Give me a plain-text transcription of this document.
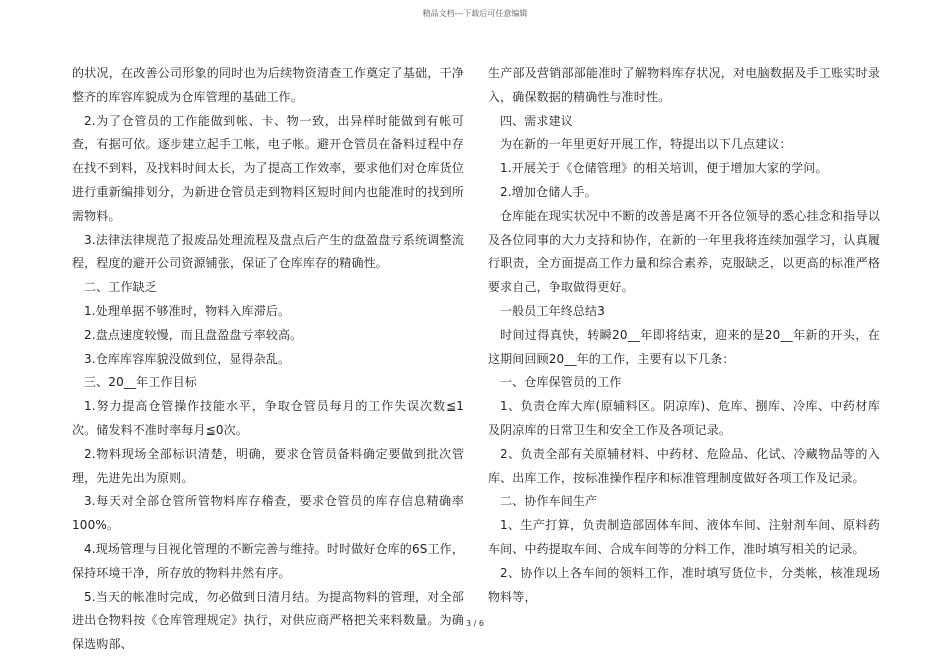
精品文档---下载后可任意编辑

的状况，在改善公司形象的同时也为后续物资清查工作奠定了基础，干净整齐的库容库貌成为仓库管理的基础工作。

2.为了仓管员的工作能做到帐、卡、物一致，出异样时能做到有帐可查，有据可依。逐步建立起手工帐，电子帐。避开仓管员在备料过程中存在找不到料，及找料时间太长，为了提高工作效率，要求他们对仓库货位进行重新编排划分，为新进仓管员走到物料区短时间内也能准时的找到所需物料。

3.法律法律规范了报废品处理流程及盘点后产生的盘盈盘亏系统调整流程，程度的避开公司资源铺张，保证了仓库库存的精确性。

二、工作缺乏

1.处理单据不够准时，物料入库滞后。

2.盘点速度较慢，而且盘盈盘亏率较高。

3.仓库库容库貌没做到位，显得杂乱。

三、20__年工作目标

1.努力提高仓管操作技能水平，争取仓管员每月的工作失误次数≦1次。储发料不准时率每月≦0次。

2.物料现场全部标识清楚，明确，要求仓管员备料确定要做到批次管理，先进先出为原则。

3.每天对全部仓管所管物料库存稽查，要求仓管员的库存信息精确率100%。

4.现场管理与目视化管理的不断完善与维持。时时做好仓库的6S工作，保持环境干净，所存放的物料井然有序。

5.当天的帐准时完成，勿必做到日清月结。为提高物料的管理，对全部进出仓物料按《仓库管理规定》执行，对供应商严格把关来料数量。为确保选购部、

生产部及营销部部能准时了解物料库存状况，对电脑数据及手工账实时录入，确保数据的精确性与准时性。

四、需求建议

为在新的一年里更好开展工作，特提出以下几点建议：

1.开展关于《仓储管理》的相关培训，便于增加大家的学问。

2.增加仓储人手。

仓库能在现实状况中不断的改善是离不开各位领导的悉心挂念和指导以及各位同事的大力支持和协作，在新的一年里我将连续加强学习，认真履行职责，全方面提高工作力量和综合素养，克服缺乏，以更高的标准严格要求自己，争取做得更好。

一般员工年终总结3

时间过得真快，转瞬20__年即将结束，迎来的是20__年新的开头，在这期间回顾20__年的工作，主要有以下几条：

一、仓库保管员的工作

1、负责仓库大库(原辅料区。阴凉库)、危库、捌库、冷库、中药材库及阴凉库的日常卫生和安全工作及各项记录。

2、负责全部有关原辅材料、中药材、危险品、化试、冷藏物品等的入库、出库工作，按标准操作程序和标准管理制度做好各项工作及记录。

二、协作车间生产

1、生产打算，负责制造部固体车间、液体车间、注射剂车间、原料药车间、中药提取车间、合成车间等的分料工作，准时填写相关的记录。

2、协作以上各车间的领料工作，准时填写货位卡，分类帐，核准现场物料等，

3 / 6
